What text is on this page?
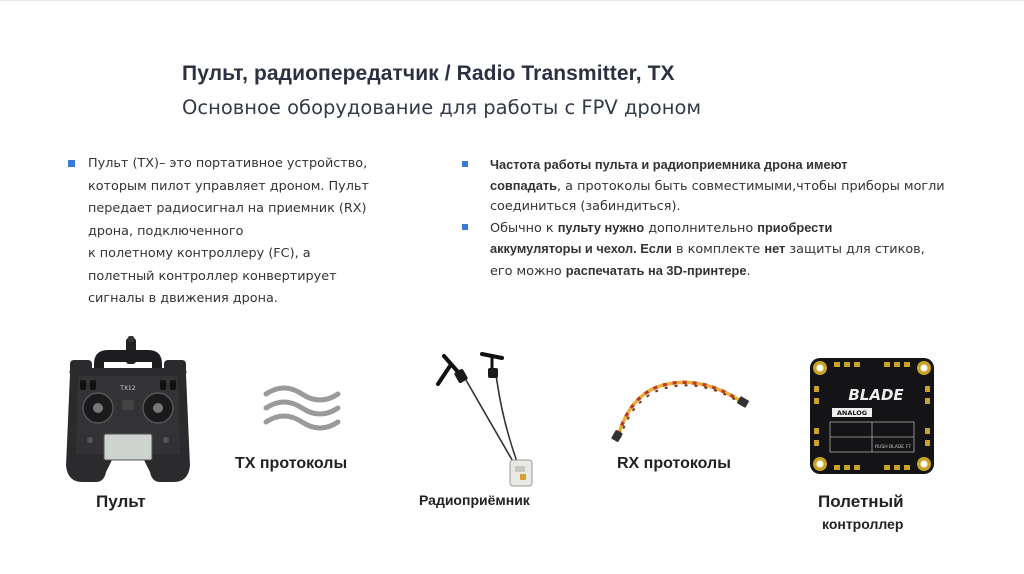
Пульт, радиопередатчик / Radio Transmitter, TX
Основное оборудование для работы с FPV дроном
Пульт (TX)– это портативное устройство,
которым пилот управляет дроном. Пульт
передает радиосигнал на приемник (RX)
дрона, подключенного
к полетному контроллеру (FC), а
полетный контроллер конвертирует
сигналы в движения дрона.
Частота работы пульта и радиоприемника дрона имеют
совпадать, а протоколы быть совместимыми,чтобы приборы могли
соединиться (забиндиться).
Обычно к пульту нужно дополнительно приобрести
аккумуляторы и чехол. Если в комплекте нет защиты для стиков,
его можно распечатать на 3D-принтере.
TX12
Пульт
TX протоколы
Радиоприёмник
RX протоколы
BLADE
ANALOG
RUSH BLADE F7
Полетный
контроллер
